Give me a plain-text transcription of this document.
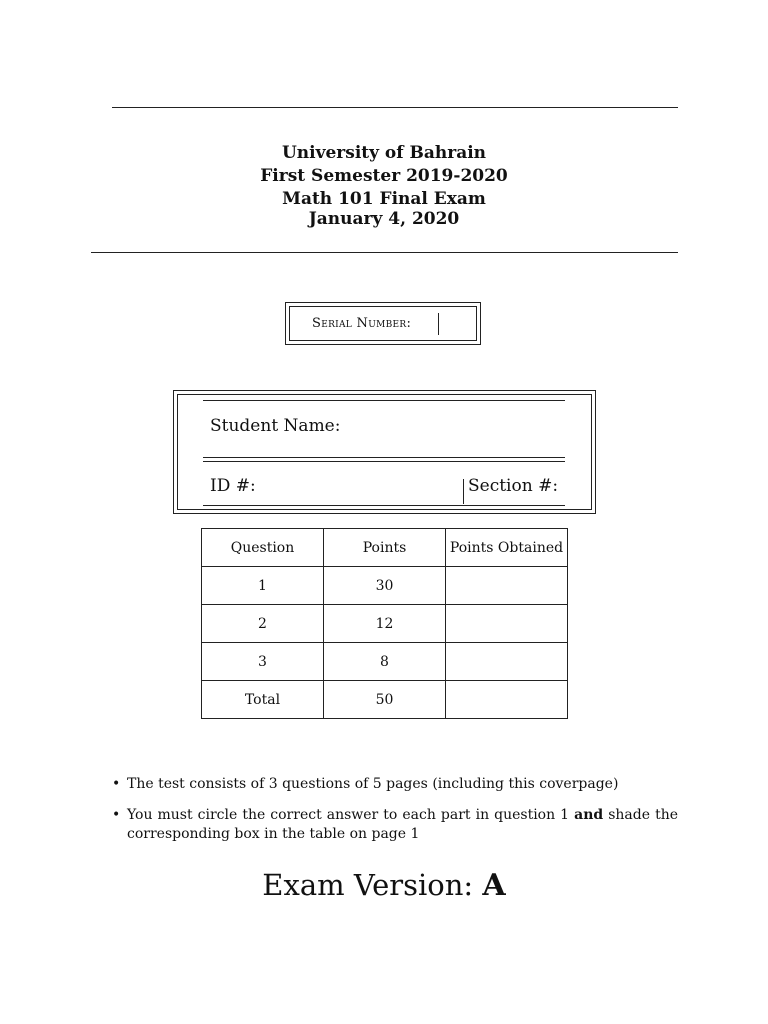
University of Bahrain
First Semester 2019-2020
Math 101 Final Exam
January 4, 2020
Serial Number:
Student Name:
ID #:	Section #:
Question	Points	Points Obtained
1	30	
2	12	
3	8	
Total	50	
• The test consists of 3 questions of 5 pages (including this coverpage)
• You must circle the correct answer to each part in question 1 and shade the corresponding box in the table on page 1
Exam Version: A
